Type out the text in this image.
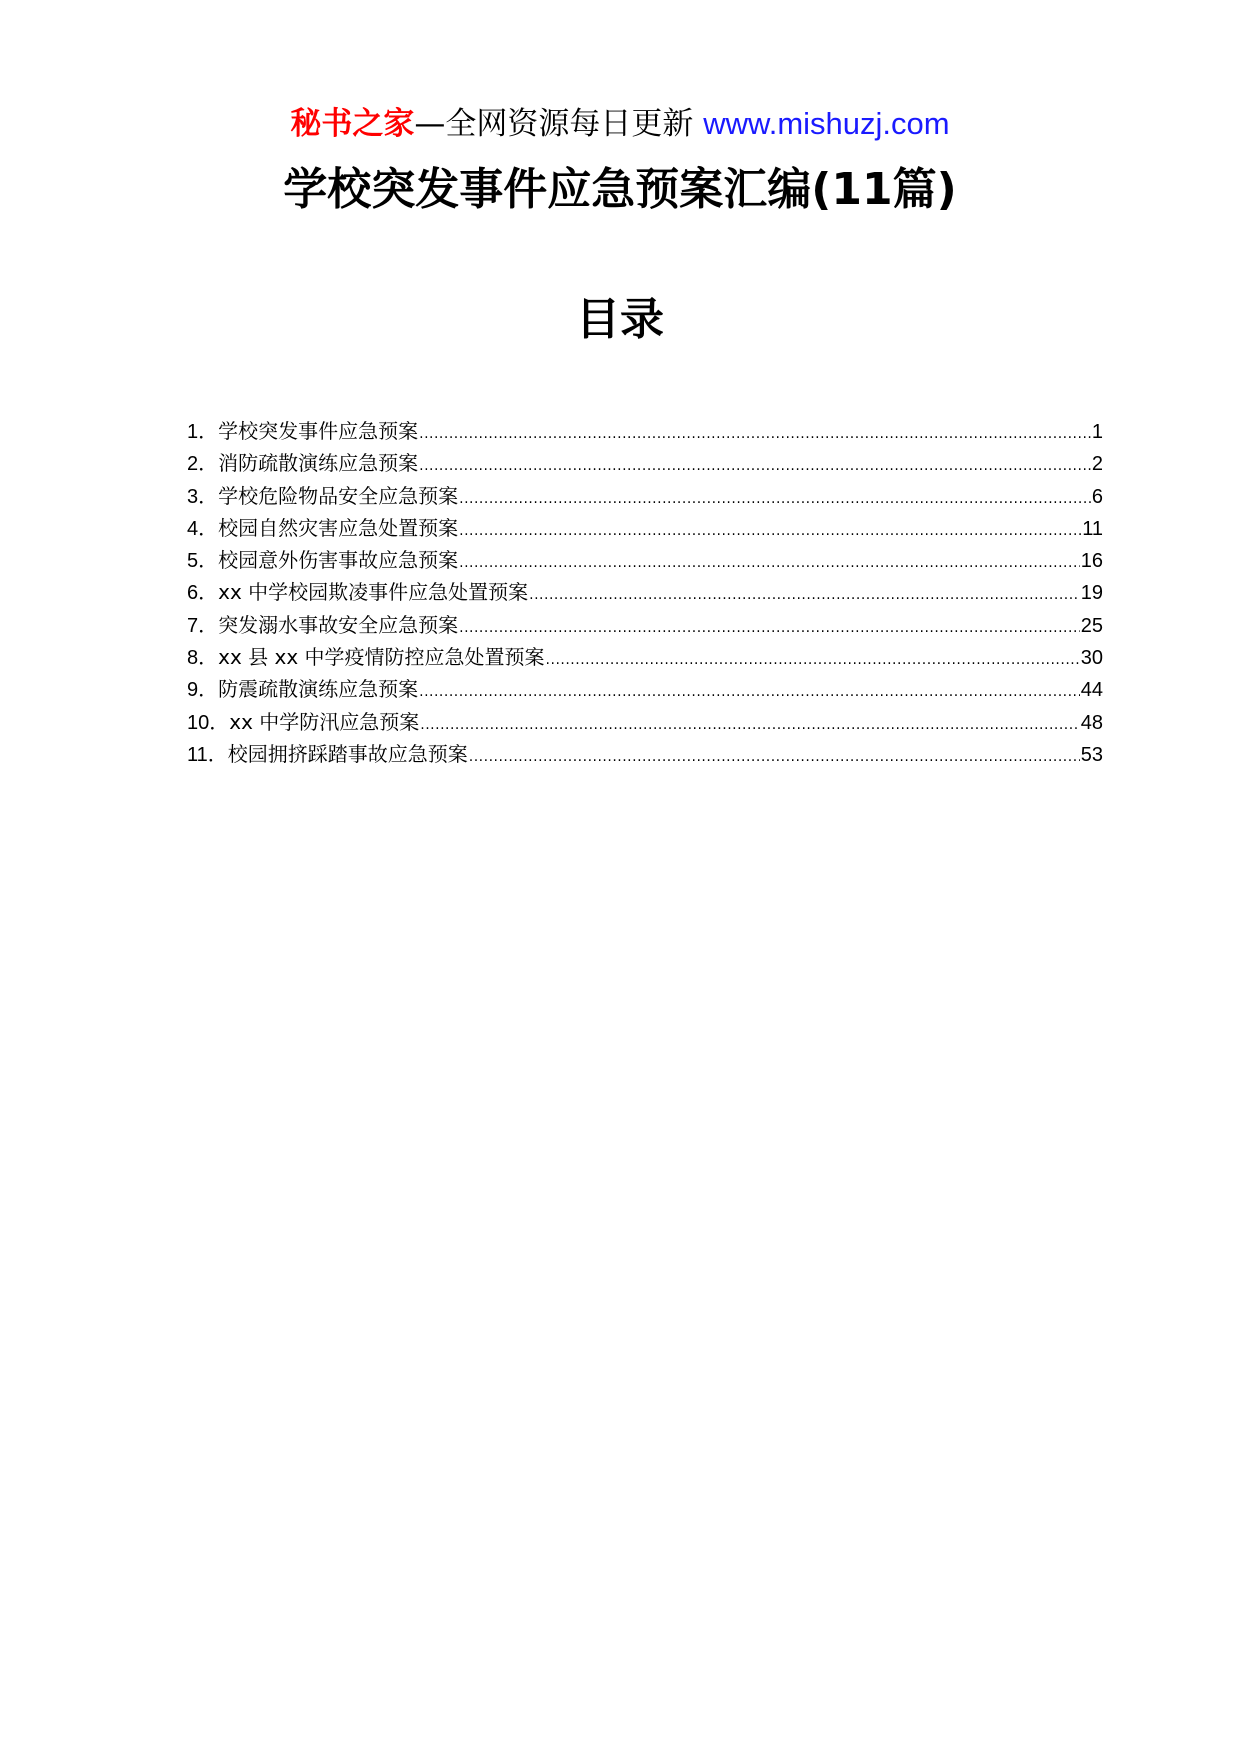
秘书之家—全网资源每日更新 www.mishuzj.com
学校突发事件应急预案汇编(11篇)
目录
1． 学校突发事件应急预案 .....	1
2． 消防疏散演练应急预案 .....	2
3． 学校危险物品安全应急预案 .....	6
4． 校园自然灾害应急处置预案 .....	11
5． 校园意外伤害事故应急预案 .....	16
6． xx 中学校园欺凌事件应急处置预案 .....	19
7． 突发溺水事故安全应急预案 .....	25
8． xx 县 xx 中学疫情防控应急处置预案 .....	30
9． 防震疏散演练应急预案 .....	44
10． xx 中学防汛应急预案 .....	48
11． 校园拥挤踩踏事故应急预案 .....	53
